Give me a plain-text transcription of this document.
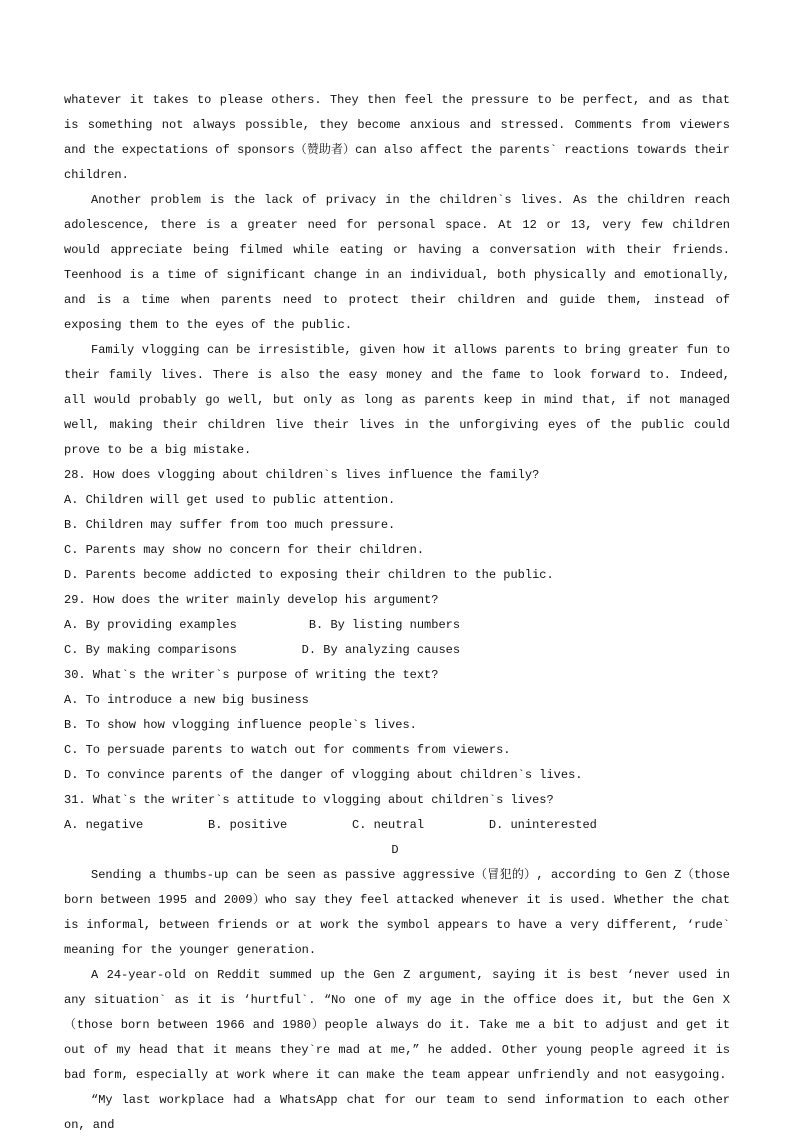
whatever it takes to please others. They then feel the pressure to be perfect, and as that is something not always possible, they become anxious and stressed. Comments from viewers and the expectations of sponsors（赞助者）can also affect the parents` reactions towards their children.

Another problem is the lack of privacy in the children`s lives. As the children reach adolescence, there is a greater need for personal space. At 12 or 13, very few children would appreciate being filmed while eating or having a conversation with their friends. Teenhood is a time of significant change in an individual, both physically and emotionally, and is a time when parents need to protect their children and guide them, instead of exposing them to the eyes of the public.

Family vlogging can be irresistible, given how it allows parents to bring greater fun to their family lives. There is also the easy money and the fame to look forward to. Indeed, all would probably go well, but only as long as parents keep in mind that, if not managed well, making their children live their lives in the unforgiving eyes of the public could prove to be a big mistake.

28. How does vlogging about children`s lives influence the family?

A. Children will get used to public attention.

B. Children may suffer from too much pressure.

C. Parents may show no concern for their children.

D. Parents become addicted to exposing their children to the public.

29. How does the writer mainly develop his argument?

A. By providing examples          B. By listing numbers

C. By making comparisons         D. By analyzing causes

30. What`s the writer`s purpose of writing the text?

A. To introduce a new big business

B. To show how vlogging influence people`s lives.

C. To persuade parents to watch out for comments from viewers.

D. To convince parents of the danger of vlogging about children`s lives.

31. What`s the writer`s attitude to vlogging about children`s lives?

A. negative         B. positive         C. neutral         D. uninterested

D

Sending a thumbs-up can be seen as passive aggressive（冒犯的）, according to Gen Z（those born between 1995 and 2009）who say they feel attacked whenever it is used. Whether the chat is informal, between friends or at work the symbol appears to have a very different, ‘rude` meaning for the younger generation.

A 24-year-old on Reddit summed up the Gen Z argument, saying it is best ‘never used in any situation` as it is ‘hurtful`. “No one of my age in the office does it, but the Gen X（those born between 1966 and 1980）people always do it. Take me a bit to adjust and get it out of my head that it means they`re mad at me,” he added. Other young people agreed it is bad form, especially at work where it can make the team appear unfriendly and not easygoing.

“My last workplace had a WhatsApp chat for our team to send information to each other on, and
